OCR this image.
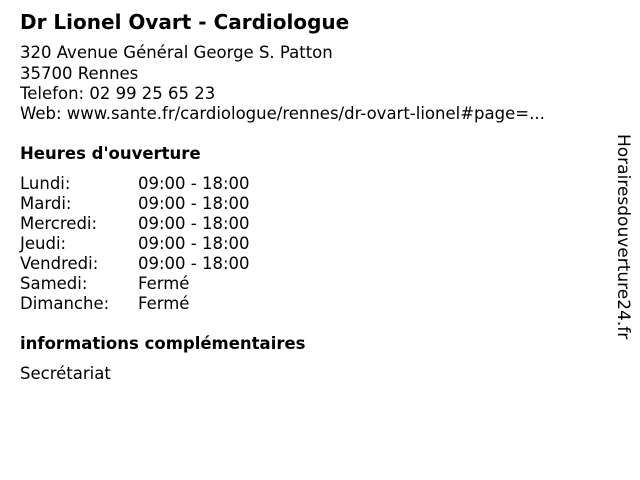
Dr Lionel Ovart - Cardiologue
320 Avenue Général George S. Patton
35700 Rennes
Telefon: 02 99 25 65 23
Web: www.sante.fr/cardiologue/rennes/dr-ovart-lionel#page=...
Heures d'ouverture
Lundi:	09:00 - 18:00
Mardi:	09:00 - 18:00
Mercredi: 09:00 - 18:00
Jeudi:	09:00 - 18:00
Vendredi: 09:00 - 18:00
Samedi:	Fermé
Dimanche: Fermé
informations complémentaires
Secrétariat
Horairesdouverture24.fr
